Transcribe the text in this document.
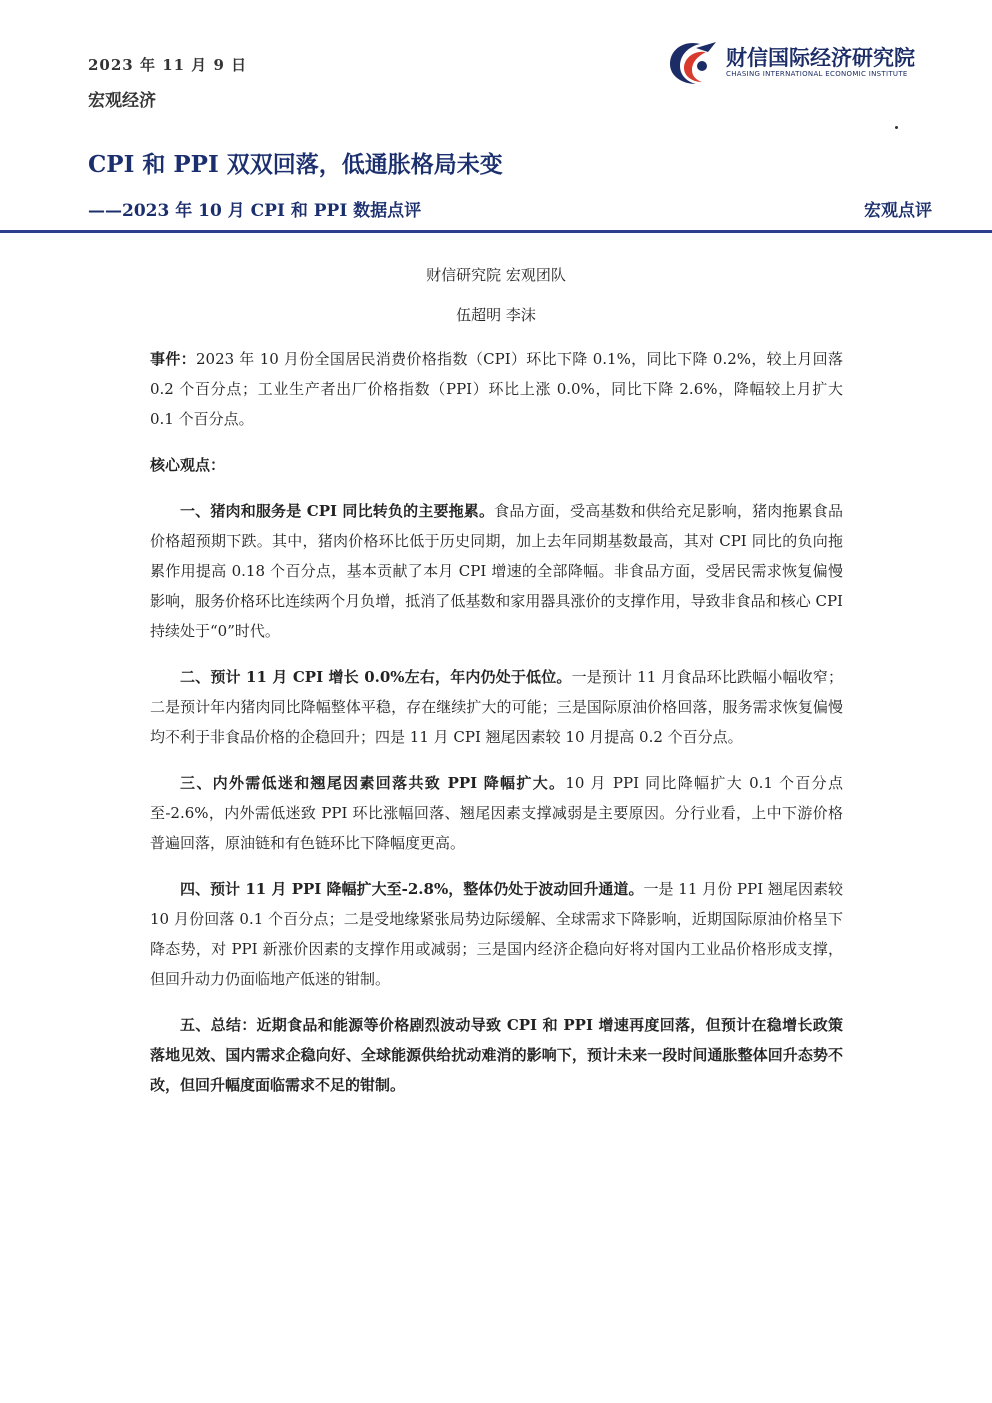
2023 年 11 月 9 日
宏观经济
财信国际经济研究院
CHASING INTERNATIONAL ECONOMIC INSTITUTE
CPI 和 PPI 双双回落，低通胀格局未变
——2023 年 10 月 CPI 和 PPI 数据点评	宏观点评
财信研究院 宏观团队
伍超明 李沫

事件：2023 年 10 月份全国居民消费价格指数（CPI）环比下降 0.1%，同比下降 0.2%，较上月回落 0.2 个百分点；工业生产者出厂价格指数（PPI）环比上涨 0.0%，同比下降 2.6%，降幅较上月扩大 0.1 个百分点。

核心观点：

一、猪肉和服务是 CPI 同比转负的主要拖累。食品方面，受高基数和供给充足影响，猪肉拖累食品价格超预期下跌。其中，猪肉价格环比低于历史同期，加上去年同期基数最高，其对 CPI 同比的负向拖累作用提高 0.18 个百分点，基本贡献了本月 CPI 增速的全部降幅。非食品方面，受居民需求恢复偏慢影响，服务价格环比连续两个月负增，抵消了低基数和家用器具涨价的支撑作用，导致非食品和核心 CPI 持续处于“0”时代。

二、预计 11 月 CPI 增长 0.0%左右，年内仍处于低位。一是预计 11 月食品环比跌幅小幅收窄；二是预计年内猪肉同比降幅整体平稳，存在继续扩大的可能；三是国际原油价格回落，服务需求恢复偏慢均不利于非食品价格的企稳回升；四是 11 月 CPI 翘尾因素较 10 月提高 0.2 个百分点。

三、内外需低迷和翘尾因素回落共致 PPI 降幅扩大。10 月 PPI 同比降幅扩大 0.1 个百分点至-2.6%，内外需低迷致 PPI 环比涨幅回落、翘尾因素支撑减弱是主要原因。分行业看，上中下游价格普遍回落，原油链和有色链环比下降幅度更高。

四、预计 11 月 PPI 降幅扩大至-2.8%，整体仍处于波动回升通道。一是 11 月份 PPI 翘尾因素较 10 月份回落 0.1 个百分点；二是受地缘紧张局势边际缓解、全球需求下降影响，近期国际原油价格呈下降态势，对 PPI 新涨价因素的支撑作用或减弱；三是国内经济企稳向好将对国内工业品价格形成支撑，但回升动力仍面临地产低迷的钳制。

五、总结：近期食品和能源等价格剧烈波动导致 CPI 和 PPI 增速再度回落，但预计在稳增长政策落地见效、国内需求企稳向好、全球能源供给扰动难消的影响下，预计未来一段时间通胀整体回升态势不改，但回升幅度面临需求不足的钳制。
